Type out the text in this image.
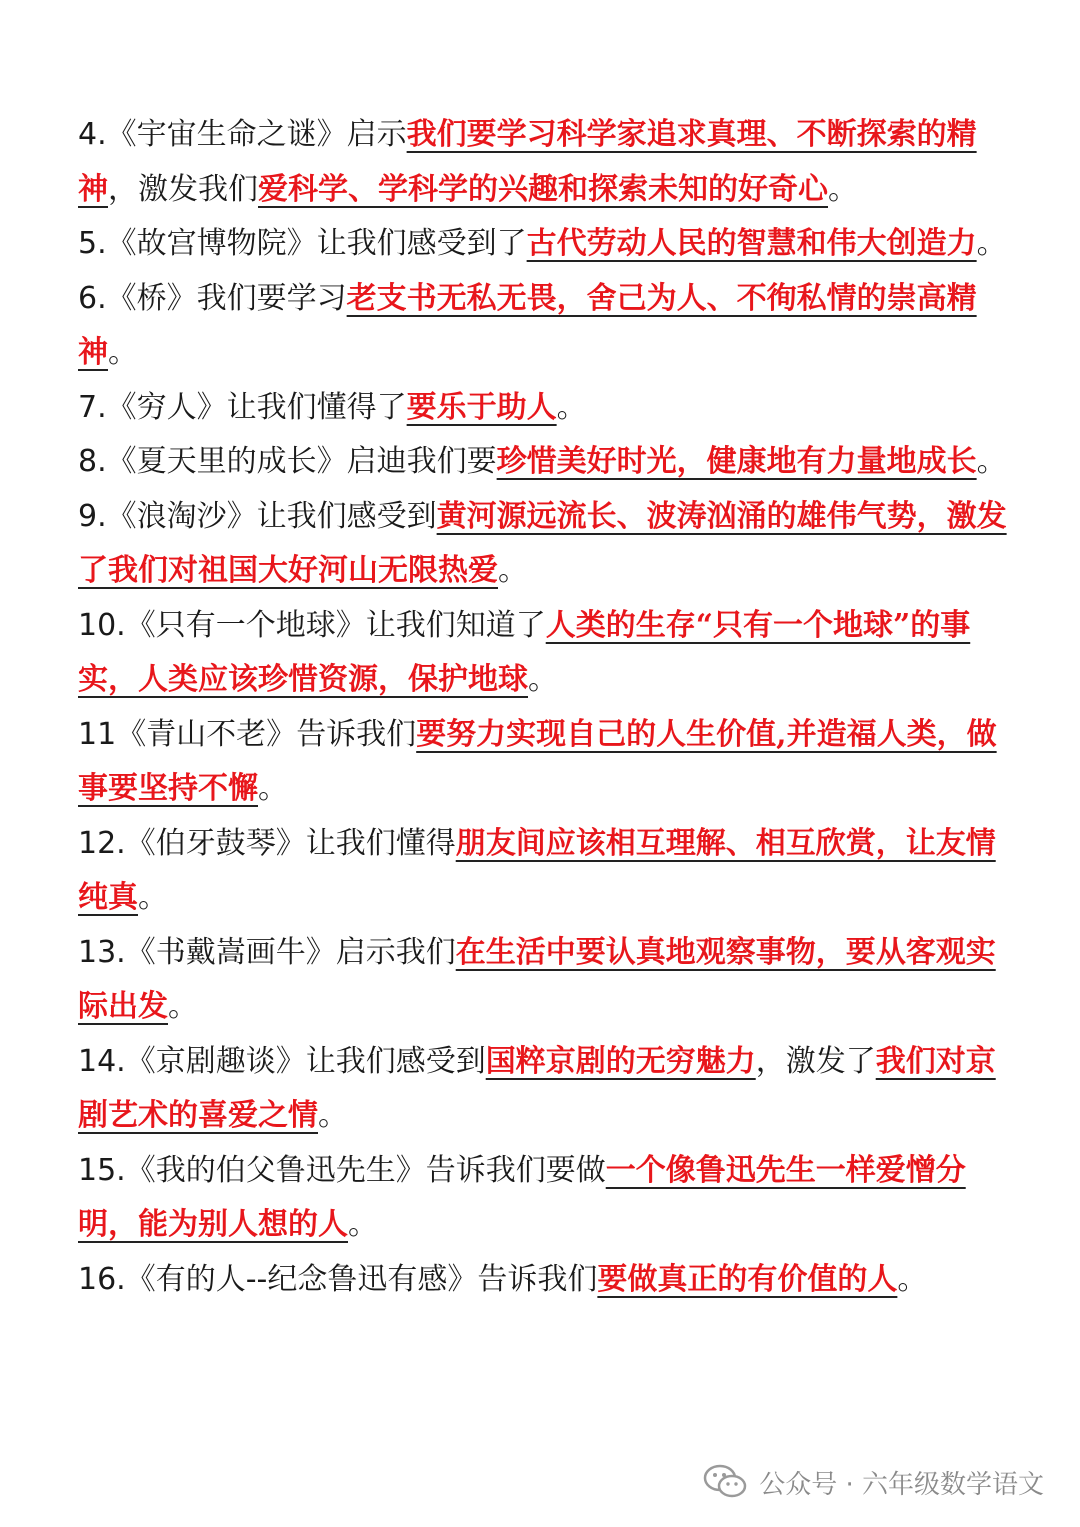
4.《宇宙生命之谜》启示我们要学习科学家追求真理、不断探索的精神，激发我们爱科学、学科学的兴趣和探索未知的好奇心。
5.《故宫博物院》让我们感受到了古代劳动人民的智慧和伟大创造力。
6.《桥》我们要学习老支书无私无畏，舍己为人、不徇私情的崇高精神。
7.《穷人》让我们懂得了要乐于助人。
8.《夏天里的成长》启迪我们要珍惜美好时光，健康地有力量地成长。
9.《浪淘沙》让我们感受到黄河源远流长、波涛汹涌的雄伟气势，激发了我们对祖国大好河山无限热爱。
10.《只有一个地球》让我们知道了人类的生存“只有一个地球”的事实，人类应该珍惜资源，保护地球。
11《青山不老》告诉我们要努力实现自己的人生价值,并造福人类，做事要坚持不懈。
12.《伯牙鼓琴》让我们懂得朋友间应该相互理解、相互欣赏，让友情纯真。
13.《书戴嵩画牛》启示我们在生活中要认真地观察事物，要从客观实际出发。
14.《京剧趣谈》让我们感受到国粹京剧的无穷魅力，激发了我们对京剧艺术的喜爱之情。
15.《我的伯父鲁迅先生》告诉我们要做一个像鲁迅先生一样爱憎分明，能为别人想的人。
16.《有的人--纪念鲁迅有感》告诉我们要做真正的有价值的人。
公众号 · 六年级数学语文
